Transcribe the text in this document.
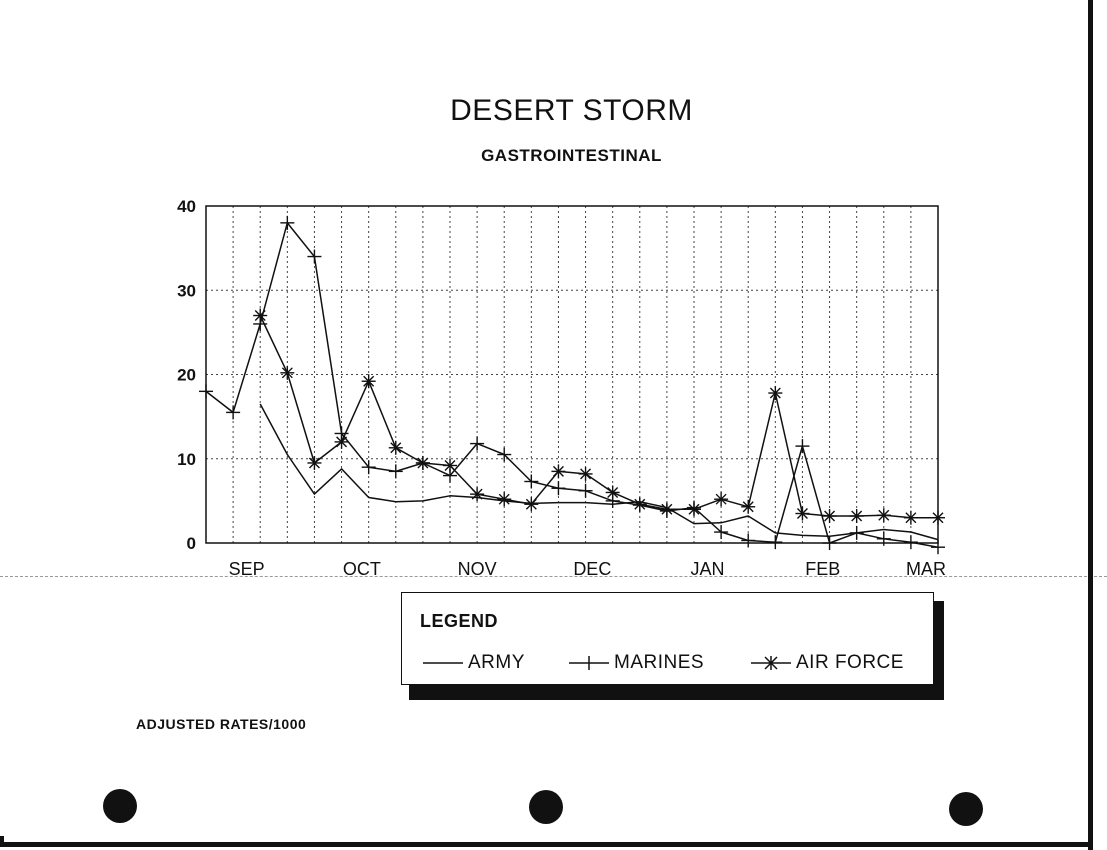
DESERT STORM
GASTROINTESTINAL
0
10
20
30
40
SEP	OCT	NOV	DEC	JAN	FEB	MAR
LEGEND
ARMY	MARINES	AIR FORCE
ADJUSTED RATES/1000
